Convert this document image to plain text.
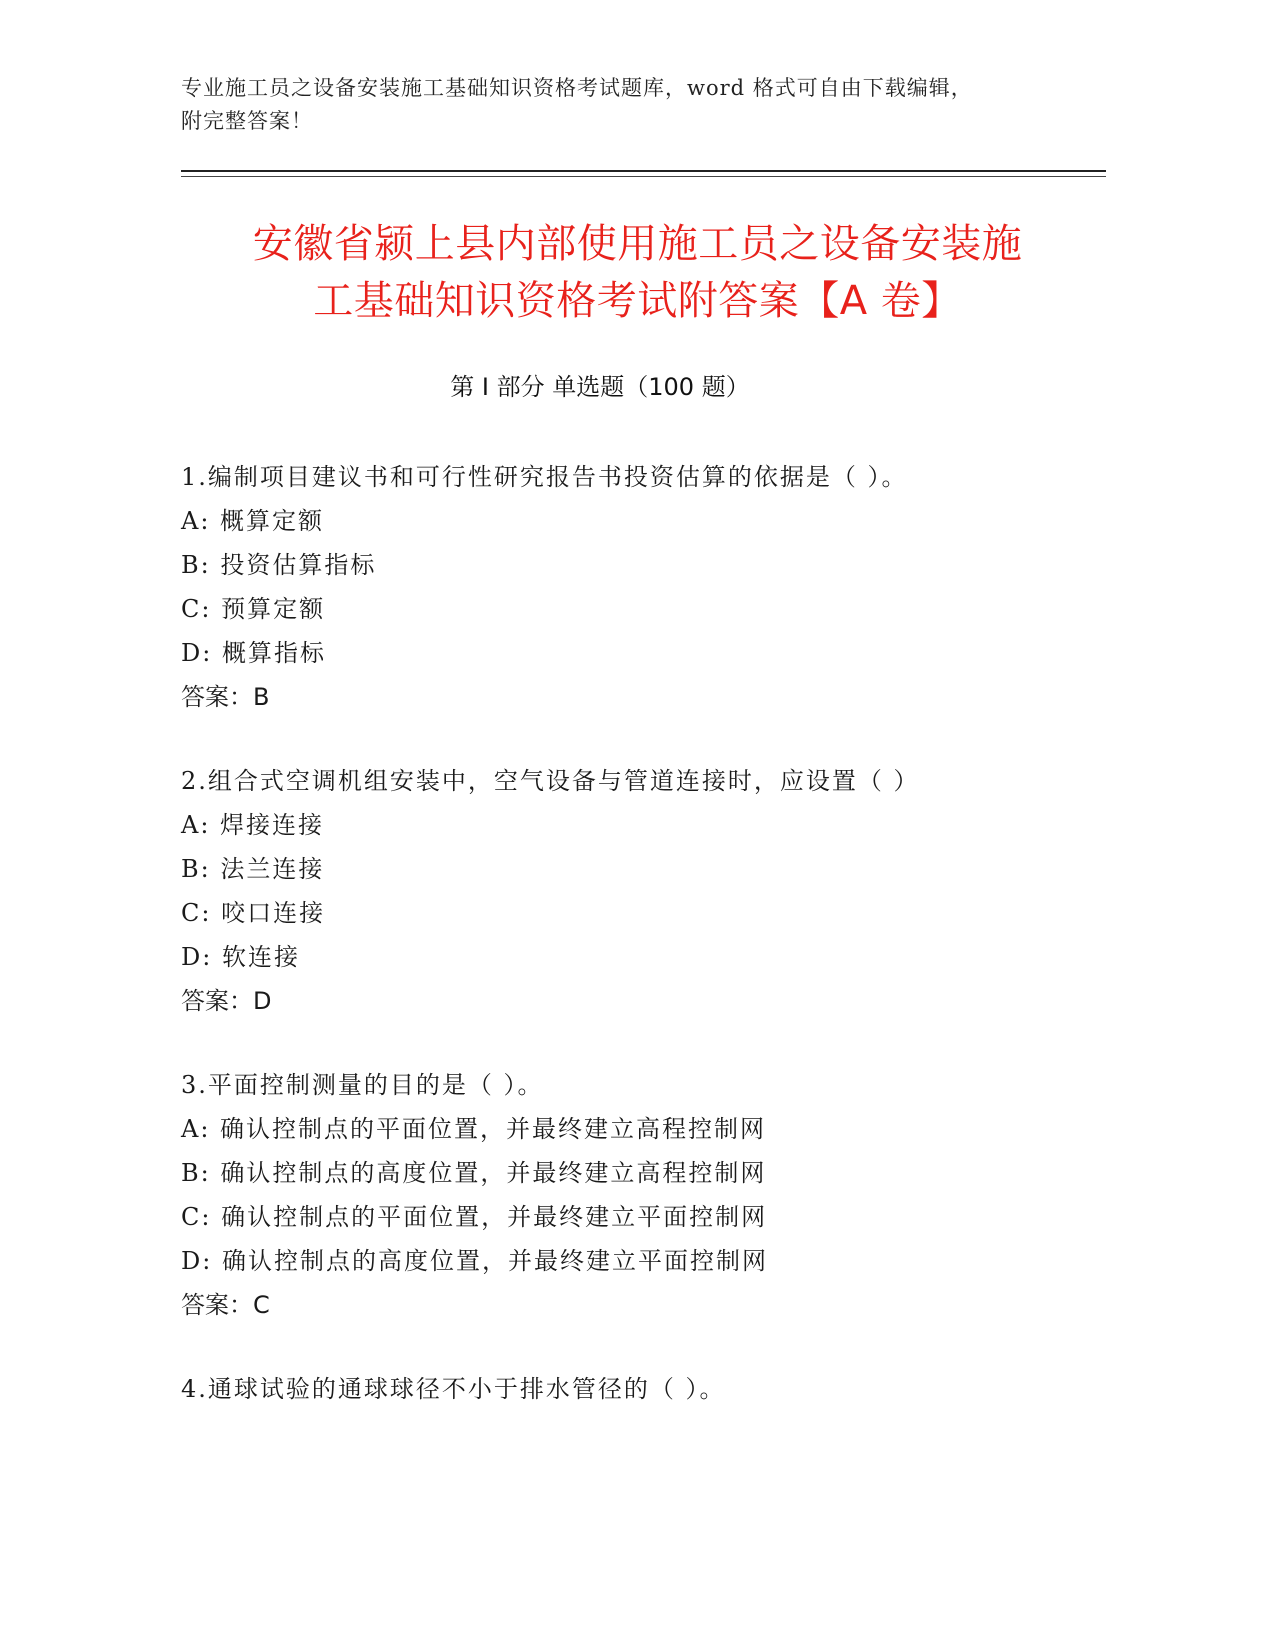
专业施工员之设备安装施工基础知识资格考试题库，word 格式可自由下载编辑，
附完整答案！
安徽省颍上县内部使用施工员之设备安装施
工基础知识资格考试附答案【A 卷】
第 I 部分 单选题（100 题）
1.编制项目建议书和可行性研究报告书投资估算的依据是（ ）。
A: 概算定额
B: 投资估算指标
C: 预算定额
D: 概算指标
答案：B
2.组合式空调机组安装中，空气设备与管道连接时，应设置（ ）
A: 焊接连接
B: 法兰连接
C: 咬口连接
D: 软连接
答案：D
3.平面控制测量的目的是（ ）。
A: 确认控制点的平面位置，并最终建立高程控制网
B: 确认控制点的高度位置，并最终建立高程控制网
C: 确认控制点的平面位置，并最终建立平面控制网
D: 确认控制点的高度位置，并最终建立平面控制网
答案：C
4.通球试验的通球球径不小于排水管径的（ ）。
